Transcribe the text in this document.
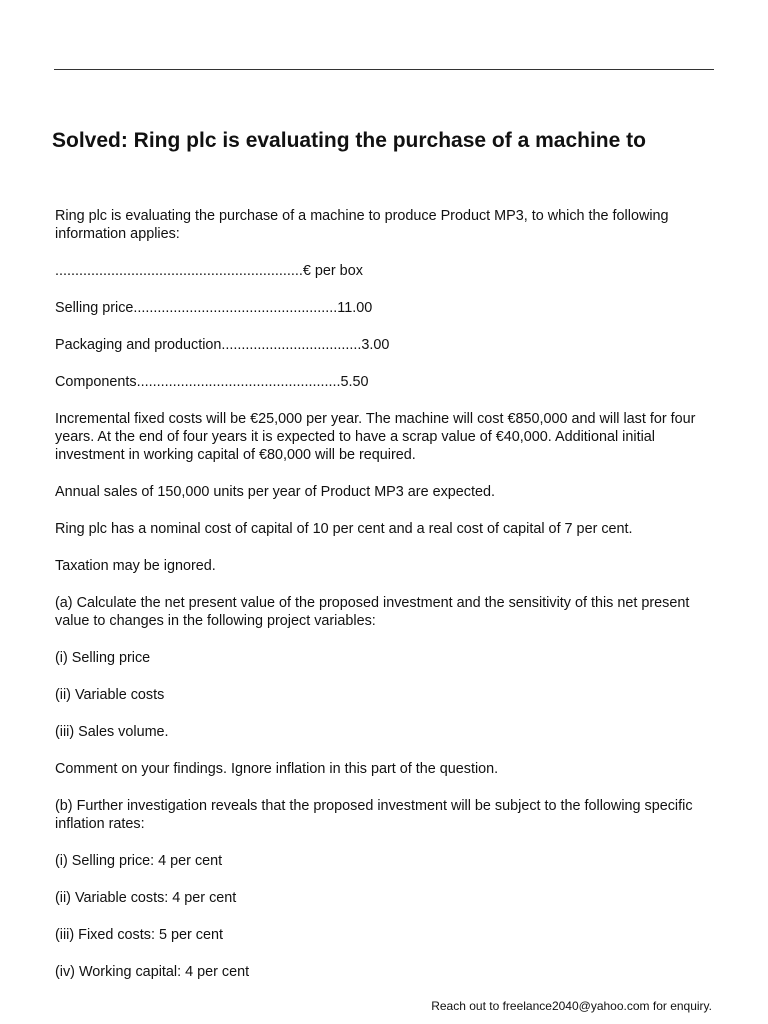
Solved: Ring plc is evaluating the purchase of a machine to

Ring plc is evaluating the purchase of a machine to produce Product MP3, to which the following information applies:

..............................................................€ per box

Selling price...................................................11.00

Packaging and production...................................3.00

Components...................................................5.50

Incremental fixed costs will be €25,000 per year. The machine will cost €850,000 and will last for four years. At the end of four years it is expected to have a scrap value of €40,000. Additional initial investment in working capital of €80,000 will be required.

Annual sales of 150,000 units per year of Product MP3 are expected.

Ring plc has a nominal cost of capital of 10 per cent and a real cost of capital of 7 per cent.

Taxation may be ignored.

(a) Calculate the net present value of the proposed investment and the sensitivity of this net present value to changes in the following project variables:

(i) Selling price

(ii) Variable costs

(iii) Sales volume.

Comment on your findings. Ignore inflation in this part of the question.

(b) Further investigation reveals that the proposed investment will be subject to the following specific inflation rates:

(i) Selling price: 4 per cent

(ii) Variable costs: 4 per cent

(iii) Fixed costs: 5 per cent

(iv) Working capital: 4 per cent

Reach out to freelance2040@yahoo.com for enquiry.
